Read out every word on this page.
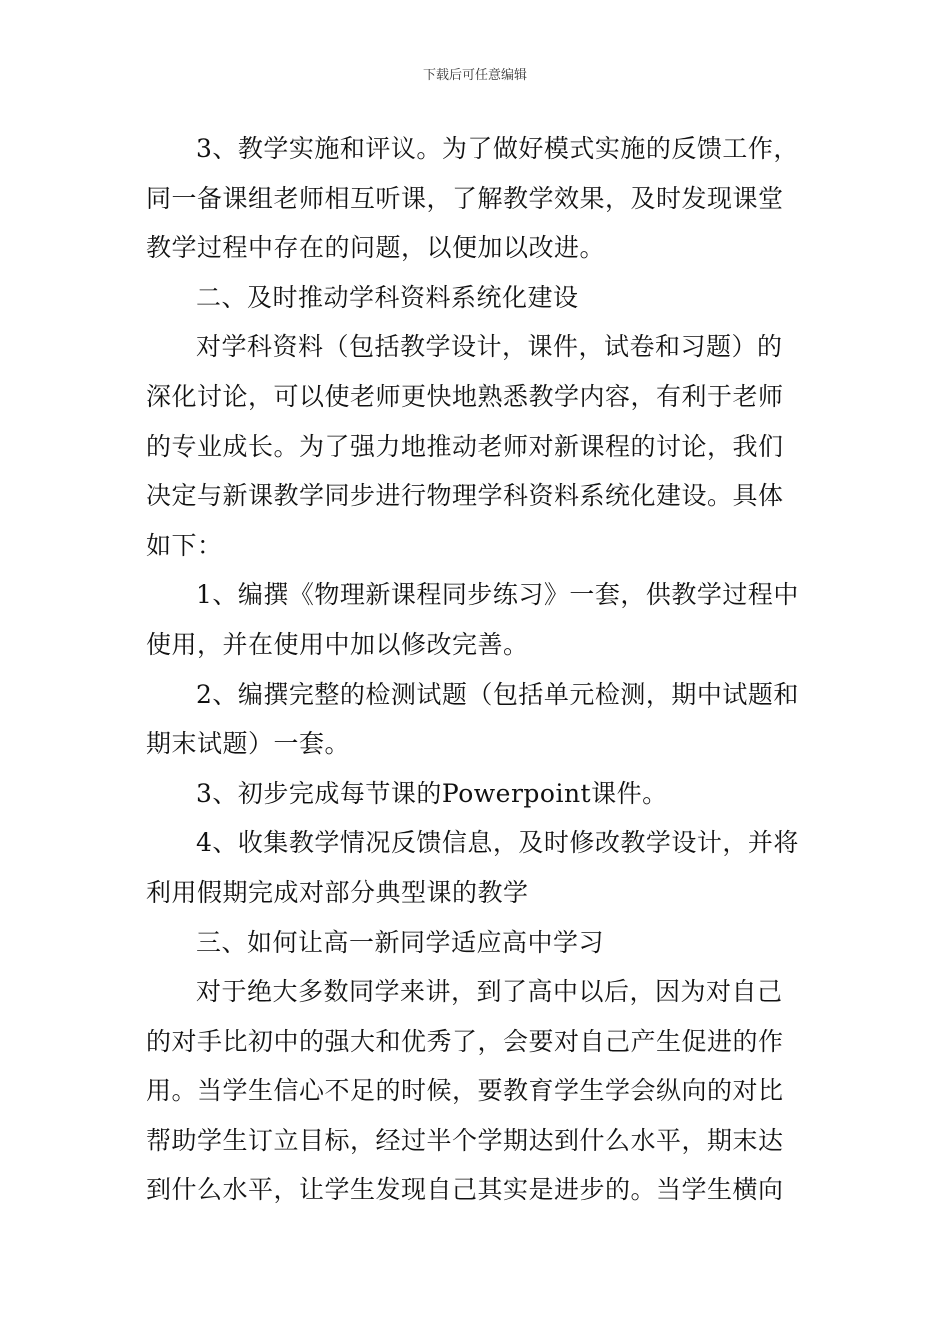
下载后可任意编辑
3、教学实施和评议。为了做好模式实施的反馈工作，
同一备课组老师相互听课，了解教学效果，及时发现课堂
教学过程中存在的问题，以便加以改进。
二、及时推动学科资料系统化建设
对学科资料（包括教学设计，课件，试卷和习题）的
深化讨论，可以使老师更快地熟悉教学内容，有利于老师
的专业成长。为了强力地推动老师对新课程的讨论，我们
决定与新课教学同步进行物理学科资料系统化建设。具体
如下：
1、编撰《物理新课程同步练习》一套，供教学过程中
使用，并在使用中加以修改完善。
2、编撰完整的检测试题（包括单元检测，期中试题和
期末试题）一套。
3、初步完成每节课的Powerpoint课件。
4、收集教学情况反馈信息，及时修改教学设计，并将
利用假期完成对部分典型课的教学
三、如何让高一新同学适应高中学习
对于绝大多数同学来讲，到了高中以后，因为对自己
的对手比初中的强大和优秀了，会要对自己产生促进的作
用。当学生信心不足的时候，要教育学生学会纵向的对比
帮助学生订立目标，经过半个学期达到什么水平，期末达
到什么水平，让学生发现自己其实是进步的。当学生横向
